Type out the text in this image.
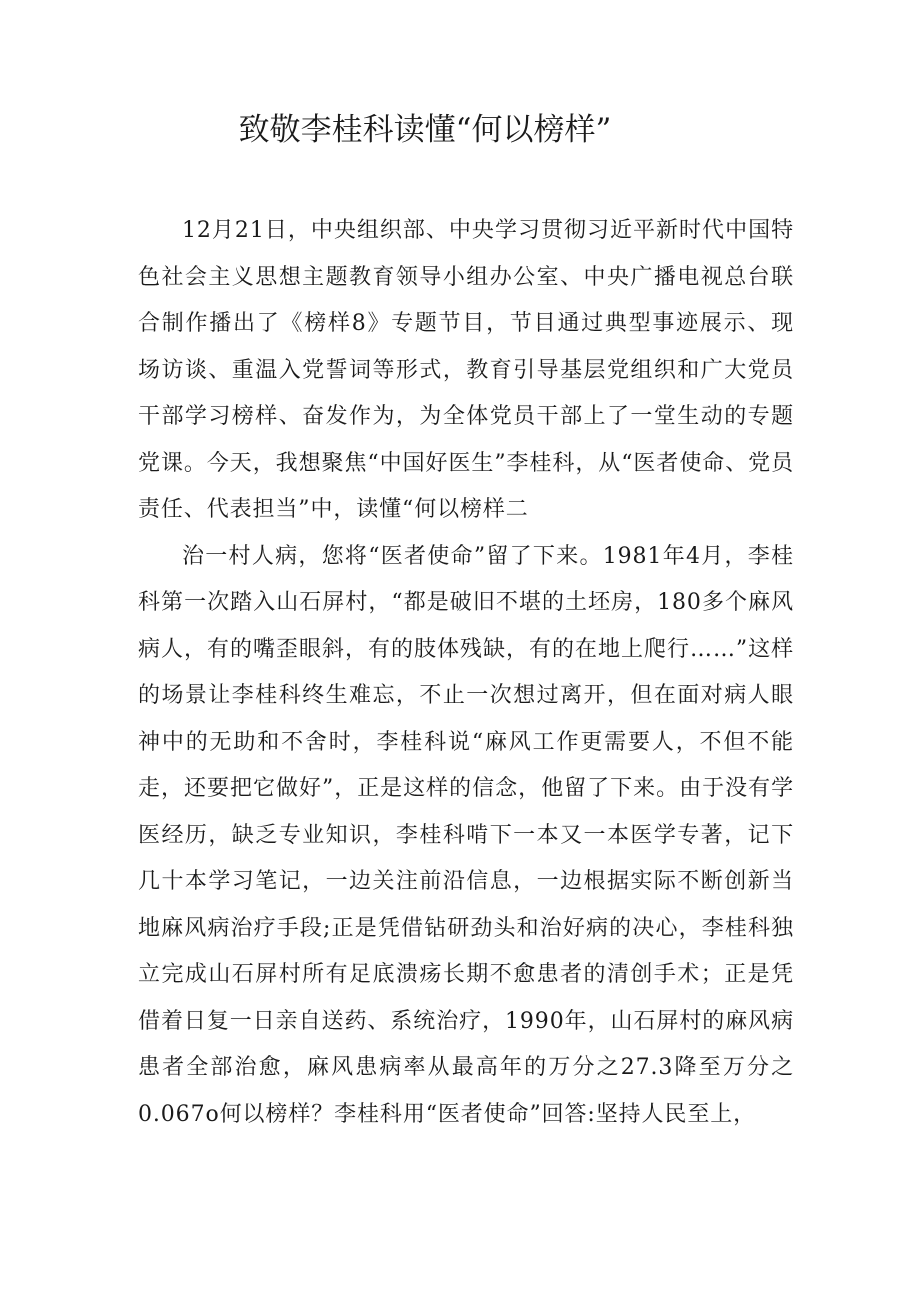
致敬李桂科读懂“何以榜样”

12月21日，中央组织部、中央学习贯彻习近平新时代中国特色社会主义思想主题教育领导小组办公室、中央广播电视总台联合制作播出了《榜样8》专题节目，节目通过典型事迹展示、现场访谈、重温入党誓词等形式，教育引导基层党组织和广大党员干部学习榜样、奋发作为，为全体党员干部上了一堂生动的专题党课。今天，我想聚焦“中国好医生”李桂科，从“医者使命、党员责任、代表担当”中，读懂“何以榜样二

治一村人病，您将“医者使命”留了下来。1981年4月，李桂科第一次踏入山石屏村，“都是破旧不堪的土坯房，180多个麻风病人，有的嘴歪眼斜，有的肢体残缺，有的在地上爬行……”这样的场景让李桂科终生难忘，不止一次想过离开，但在面对病人眼神中的无助和不舍时，李桂科说“麻风工作更需要人，不但不能走，还要把它做好”，正是这样的信念，他留了下来。由于没有学医经历，缺乏专业知识，李桂科啃下一本又一本医学专著，记下几十本学习笔记，一边关注前沿信息，一边根据实际不断创新当地麻风病治疗手段;正是凭借钻研劲头和治好病的决心，李桂科独立完成山石屏村所有足底溃疡长期不愈患者的清创手术；正是凭借着日复一日亲自送药、系统治疗，1990年，山石屏村的麻风病患者全部治愈，麻风患病率从最高年的万分之27.3降至万分之0.067o何以榜样？李桂科用“医者使命”回答:坚持人民至上，
